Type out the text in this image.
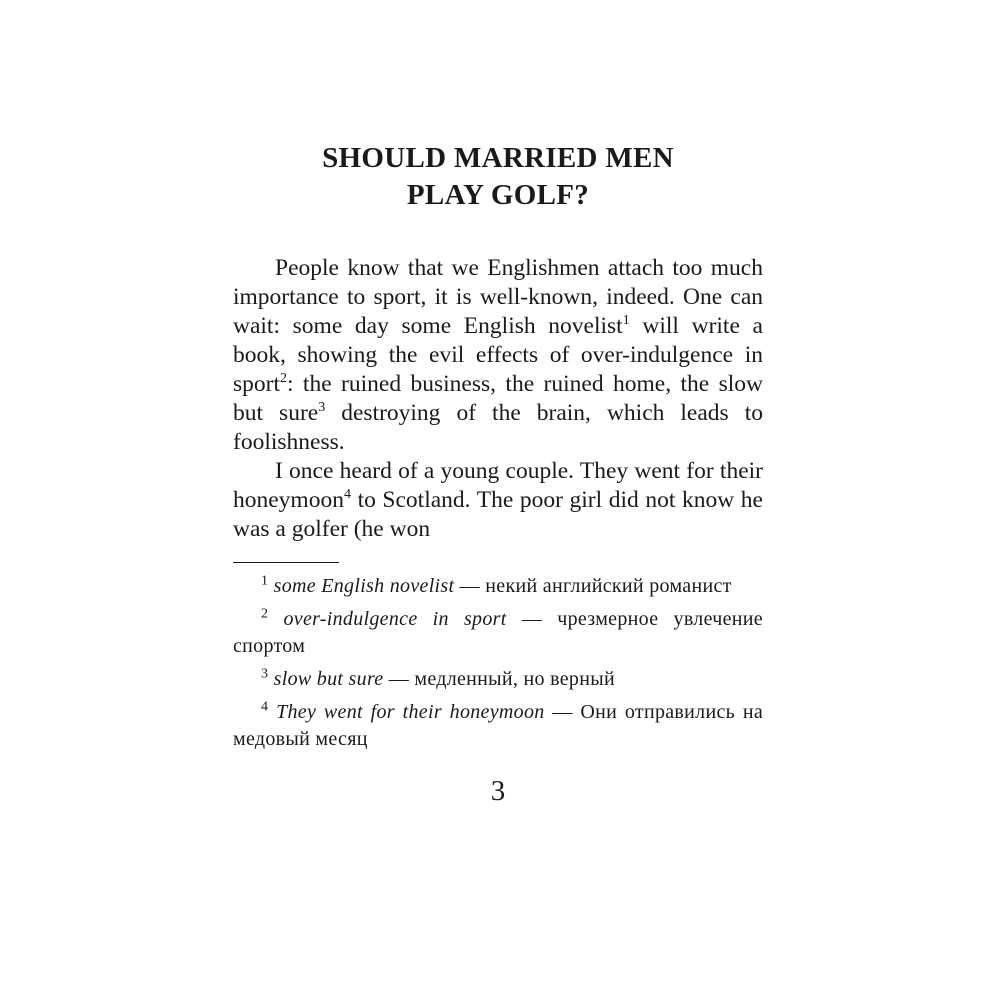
SHOULD MARRIED MEN
PLAY GOLF?

People know that we Englishmen attach too much importance to sport, it is well-known, indeed. One can wait: some day some English novelist$^1$ will write a book, showing the evil effects of over-indulgence in sport$^2$: the ruined business, the ruined home, the slow but sure$^3$ destroying of the brain, which leads to foolishness.

I once heard of a young couple. They went for their honeymoon$^4$ to Scotland. The poor girl did not know he was a golfer (he won

$^1$ some English novelist — некий английский романист

$^2$ over-indulgence in sport — чрезмерное увлечение спортом

$^3$ slow but sure — медленный, но верный

$^4$ They went for their honeymoon — Они отправились на медовый месяц

3
